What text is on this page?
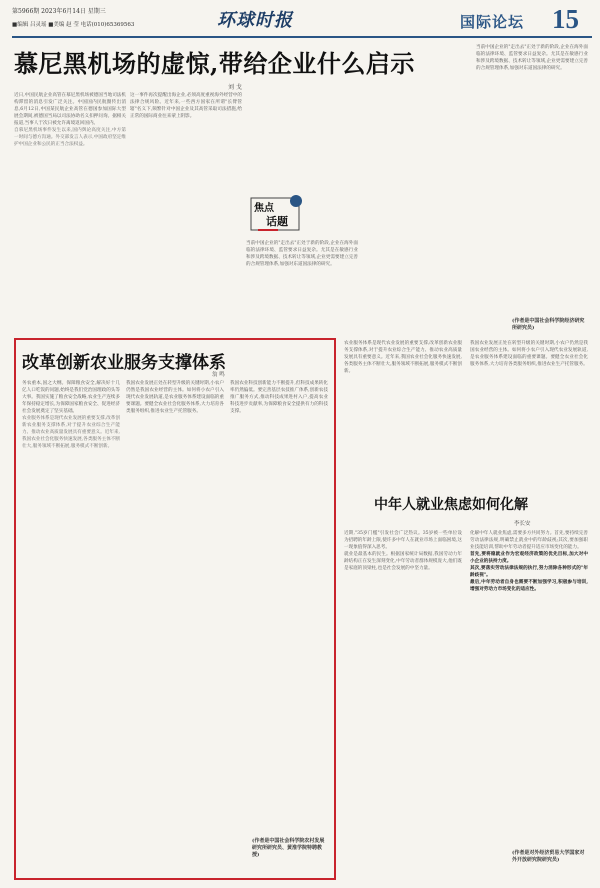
第5966期 2023年6月14日 星期三
■编辑 吕灵瑶 ■美编 赵 莹 电话(010)65369563	环球时报	国际论坛 15
慕尼黑机场的虚惊,带给企业什么启示
刘 戈

近日,中国民航企业高管在慕尼黑机场被德国当地司法机构滞留的消息引发广泛关注。中国国内民航圈传出消息,6月12日,中国某民航企业高管在德国参加国际大型展会期间,被德国当局以司法协助名义扣押问询。据相关报道,当事人于次日被允许离境返回国内。

自慕尼黑机场事件发生以来,国内舆论高度关注,中方第一时间与德方沟通。外交部发言人表示,中国政府坚定维护中国企业和公民的正当合法权益。

这一事件再次提醒出海企业,必须高度重视海外经营中的法律合规风险。近年来,一些西方国家在所谓"长臂管辖"名义下,频繁针对中国企业及其高管采取司法措施,给正常的国际商业往来蒙上阴影。

当前中国企业的"走出去"正处于新的阶段,企业在海外面临的法律环境、监管要求日益复杂。尤其是在敏感行业和涉及跨境数据、技术转让等领域,企业更需要建立完善的合规管理体系,加强对东道国法律的研究。

焦点
话题

当前中国企业的"走出去"正处于新的阶段,企业在海外面临的法律环境、监管要求日益复杂。尤其是在敏感行业和涉及跨境数据、技术转让等领域,企业更需要建立完善的合规管理体系,加强对东道国法律的研究。

(作者是中国社会科学院经济研究所研究员)
改革创新农业服务支撑体系
翁 鸣

务农重本,国之大纲。保障粮食安全,解决好十几亿人口吃饭的问题,始终是我们党治国理政的头等大事。我国实施了粮食安全战略,农业生产连续多年保持稳定增长,为保障国家粮食安全、促进经济社会发展奠定了坚实基础。

农业服务体系是现代农业发展的重要支撑,改革创新农业服务支撑体系,对于提升农业综合生产能力、推动农业高质量发展具有重要意义。近年来,我国农业社会化服务快速发展,各类服务主体不断壮大,服务领域不断拓展,服务模式不断创新。

我国农业发展正处在转型升级的关键时期,小农户仍然是我国农业经营的主体。如何将小农户引入现代农业发展轨道,是农业服务体系建设面临的重要课题。要健全农业社会化服务体系,大力培育各类服务组织,推进农业生产托管服务。

我国农业科技创新能力不断提升,但科技成果转化率仍然偏低。要完善基层农技推广体系,创新农技推广服务方式,推动科技成果进村入户,提高农业科技进步贡献率,为保障粮食安全提供有力的科技支撑。

(作者是中国社会科学院农村发展研究所研究员、黄淮学院特聘教授)

农业服务体系是现代农业发展的重要支撑,改革创新农业服务支撑体系,对于提升农业综合生产能力、推动农业高质量发展具有重要意义。近年来,我国农业社会化服务快速发展,各类服务主体不断壮大,服务领域不断拓展,服务模式不断创新。

我国农业发展正处在转型升级的关键时期,小农户仍然是我国农业经营的主体。如何将小农户引入现代农业发展轨道,是农业服务体系建设面临的重要课题。要健全农业社会化服务体系,大力培育各类服务组织,推进农业生产托管服务。

中年人就业焦虑如何化解
李长安

近期,"35岁门槛"引发社会广泛热议。35岁被一些单位设为招聘的年龄上限,使许多中年人在就业市场上面临困境,这一现象值得深入思考。

就业是最基本的民生。根据国家统计局数据,我国劳动力年龄结构正在发生深刻变化,中年劳动者群体规模庞大,他们既是家庭的顶梁柱,也是社会发展的中坚力量。

化解中年人就业焦虑,需要多方共同努力。首先,要持续完善劳动法律法规,明确禁止就业中的年龄歧视;其次,要加强职业技能培训,帮助中年劳动者提升适应市场变化的能力。

首先,要将稳就业作为宏观经济政策的优先目标,加大对中小企业的扶持力度。

其次,要落实劳动法律法规的执行,努力消除各种形式的"年龄歧视"。

最后,中年劳动者自身也需要不断加强学习,积极参与培训,增强对劳动力市场变化的适应性。

(作者是对外经济贸易大学国家对外开放研究院研究员)
